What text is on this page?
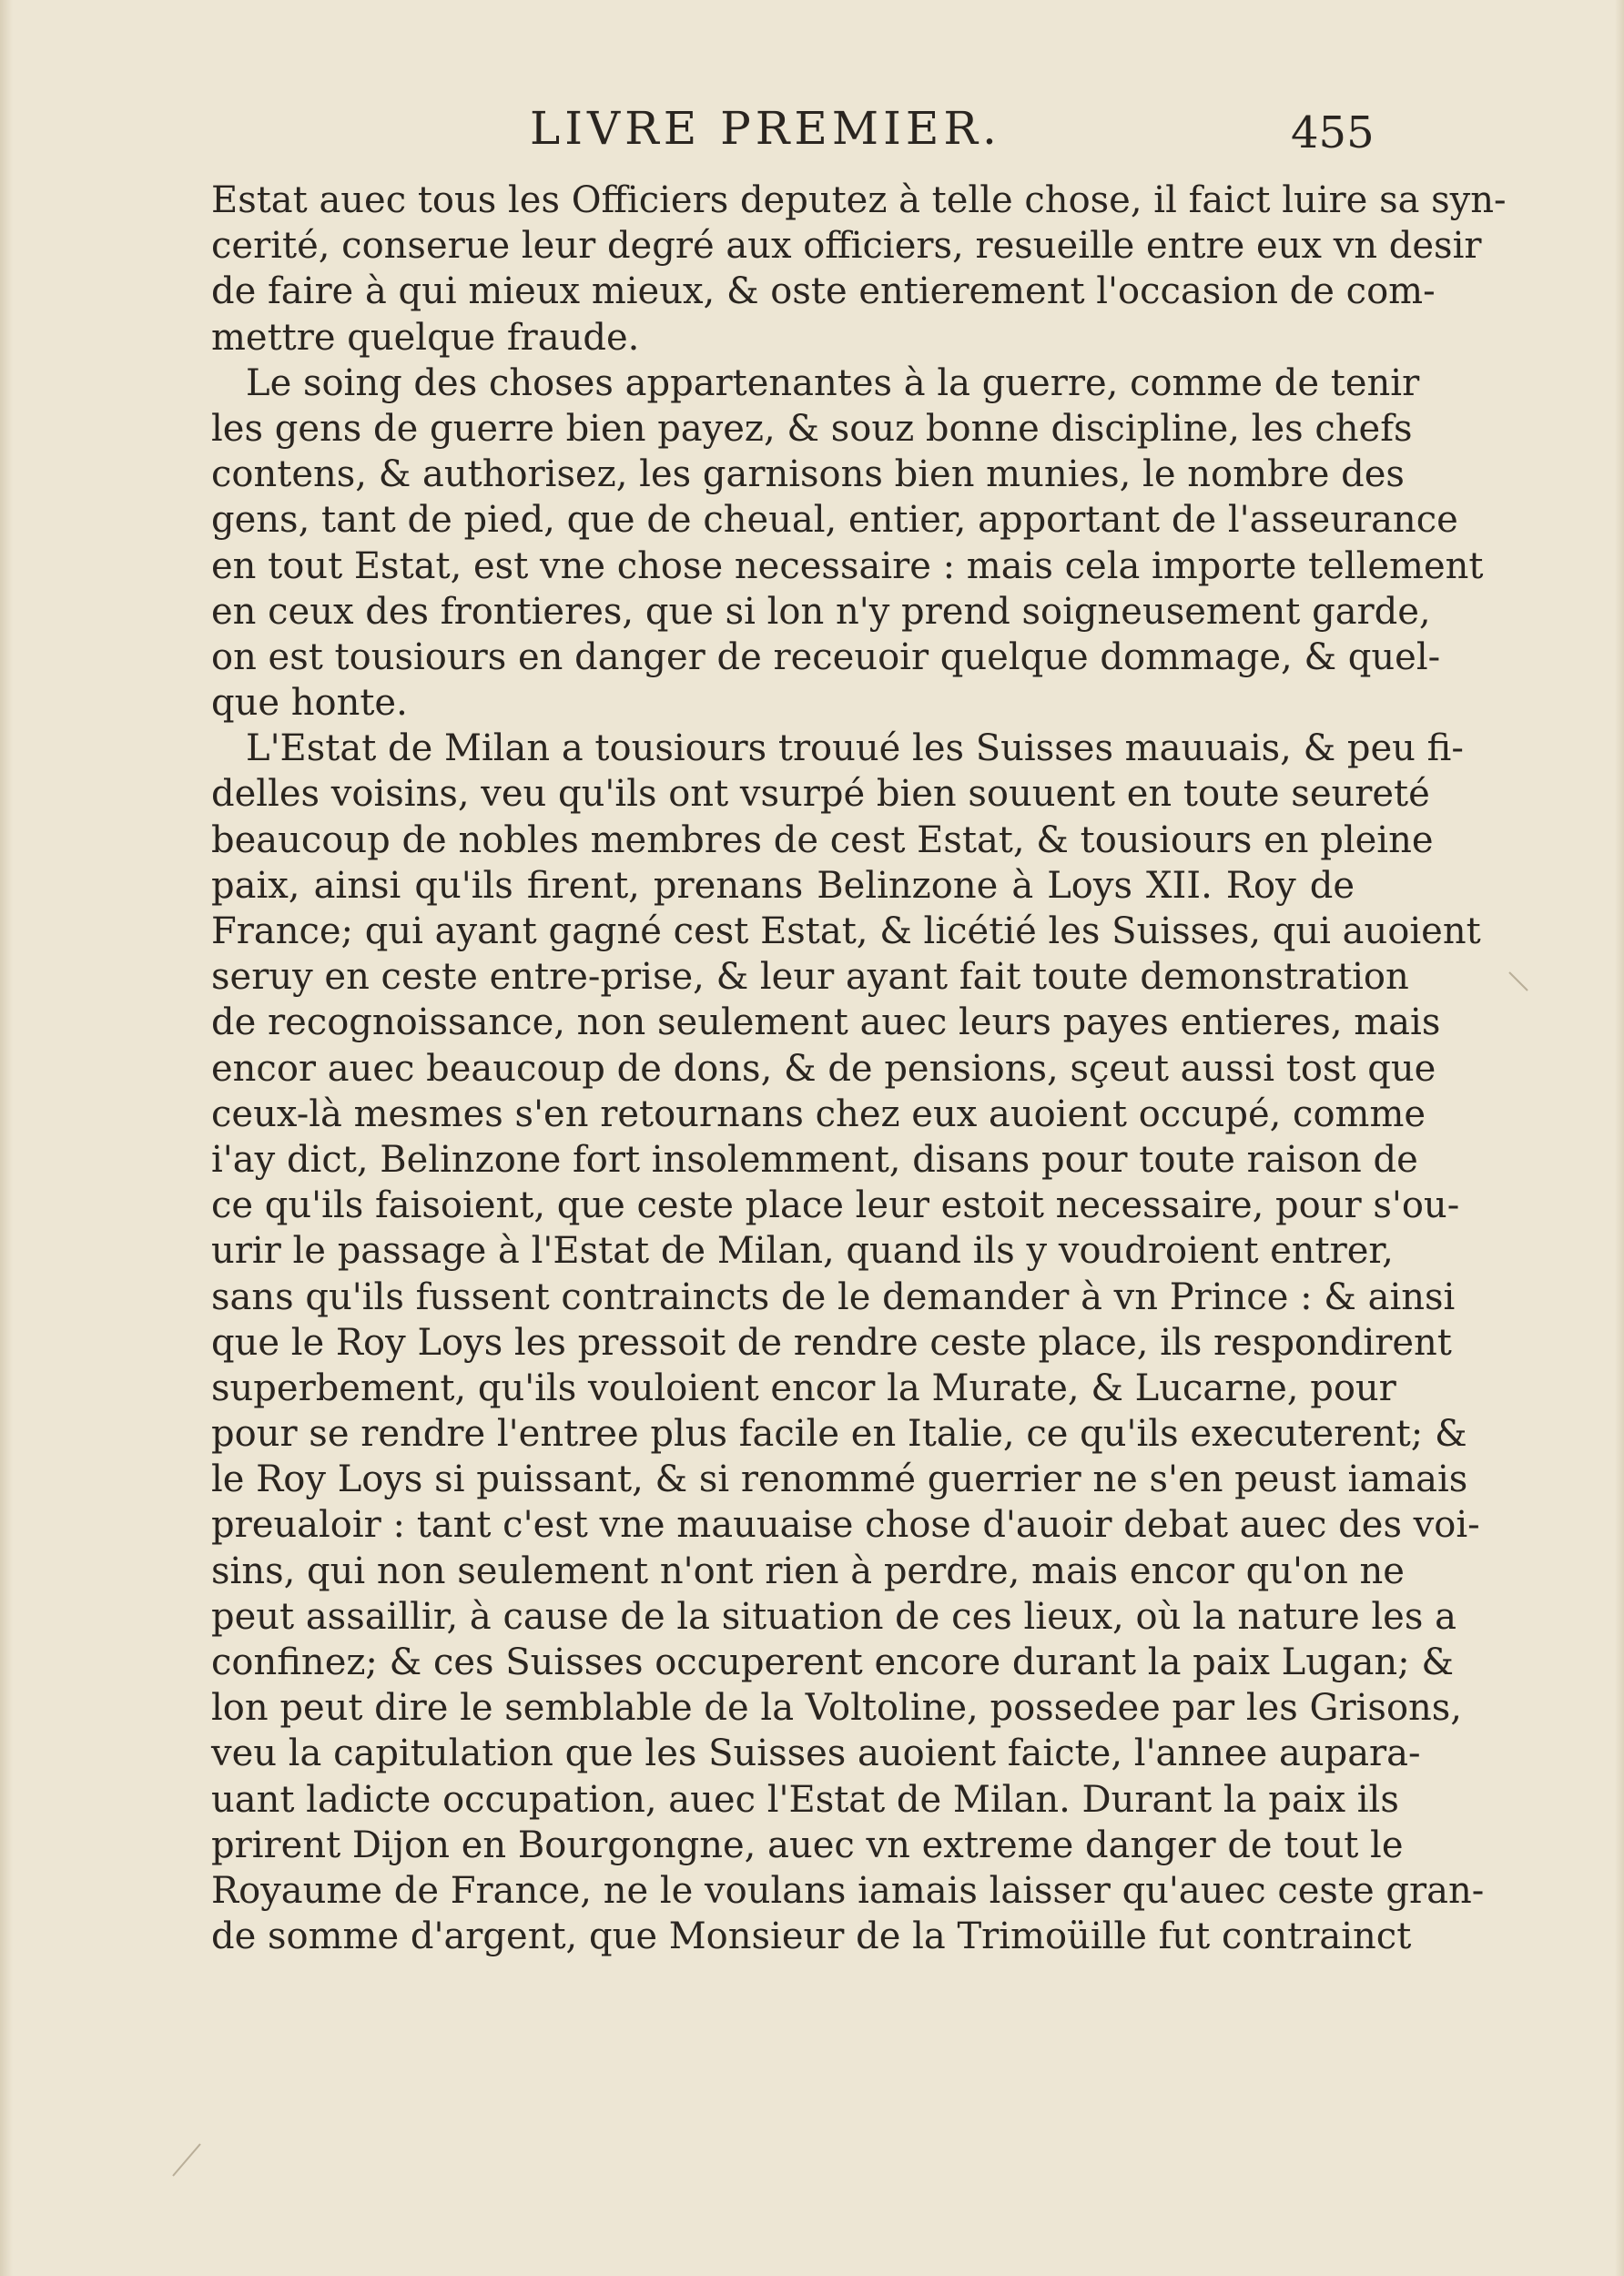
LIVRE PREMIER.	455
Estat auec tous les Officiers deputez à telle chose, il faict luire sa syn-
cerité, conserue leur degré aux officiers, resueille entre eux vn desir
de faire à qui mieux mieux, & oste entierement l'occasion de com-
mettre quelque fraude.
Le soing des choses appartenantes à la guerre, comme de tenir
les gens de guerre bien payez, & souz bonne discipline, les chefs
contens, & authorisez, les garnisons bien munies, le nombre des
gens, tant de pied, que de cheual, entier, apportant de l'asseurance
en tout Estat, est vne chose necessaire : mais cela importe tellement
en ceux des frontieres, que si lon n'y prend soigneusement garde,
on est tousiours en danger de receuoir quelque dommage, & quel-
que honte.
L'Estat de Milan a tousiours trouué les Suisses mauuais, & peu fi-
delles voisins, veu qu'ils ont vsurpé bien souuent en toute seureté
beaucoup de nobles membres de cest Estat, & tousiours en pleine
paix, ainsi qu'ils firent, prenans Belinzone à Loys XII. Roy de
France; qui ayant gagné cest Estat, & licétié les Suisses, qui auoient
seruy en ceste entre-prise, & leur ayant fait toute demonstration
de recognoissance, non seulement auec leurs payes entieres, mais
encor auec beaucoup de dons, & de pensions, sçeut aussi tost que
ceux-là mesmes s'en retournans chez eux auoient occupé, comme
i'ay dict, Belinzone fort insolemment, disans pour toute raison de
ce qu'ils faisoient, que ceste place leur estoit necessaire, pour s'ou-
urir le passage à l'Estat de Milan, quand ils y voudroient entrer,
sans qu'ils fussent contraincts de le demander à vn Prince : & ainsi
que le Roy Loys les pressoit de rendre ceste place, ils respondirent
superbement, qu'ils vouloient encor la Murate, & Lucarne, pour
pour se rendre l'entree plus facile en Italie, ce qu'ils executerent; &
le Roy Loys si puissant, & si renommé guerrier ne s'en peust iamais
preualoir : tant c'est vne mauuaise chose d'auoir debat auec des voi-
sins, qui non seulement n'ont rien à perdre, mais encor qu'on ne
peut assaillir, à cause de la situation de ces lieux, où la nature les a
confinez; & ces Suisses occuperent encore durant la paix Lugan; &
lon peut dire le semblable de la Voltoline, possedee par les Grisons,
veu la capitulation que les Suisses auoient faicte, l'annee aupara-
uant ladicte occupation, auec l'Estat de Milan. Durant la paix ils
prirent Dijon en Bourgongne, auec vn extreme danger de tout le
Royaume de France, ne le voulans iamais laisser qu'auec ceste gran-
de somme d'argent, que Monsieur de la Trimoüille fut contrainct
